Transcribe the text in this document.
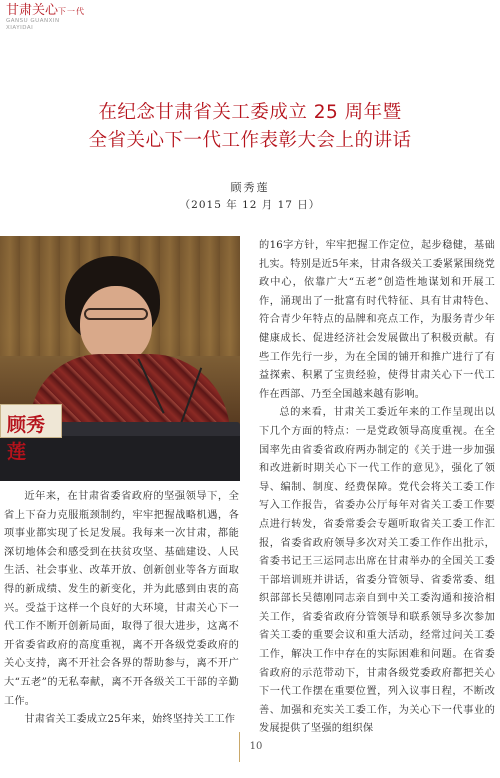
甘肃关心下一代
GANSU GUANXIN
XIAYIDAI
在纪念甘肃省关工委成立 25 周年暨
全省关心下一代工作表彰大会上的讲话
顾秀莲
（2015 年 12 月 17 日）
顾秀莲

近年来，在甘肃省委省政府的坚强领导下，全省上下奋力克服瓶颈制约，牢牢把握战略机遇，各项事业都实现了长足发展。我每来一次甘肃，都能深切地体会和感受到在扶贫攻坚、基础建设、人民生活、社会事业、改革开放、创新创业等各方面取得的新成绩、发生的新变化，并为此感到由衷的高兴。受益于这样一个良好的大环境，甘肃关心下一代工作不断开创新局面，取得了很大进步，这离不开省委省政府的高度重视，离不开各级党委政府的关心支持，离不开社会各界的帮助参与，离不开广大“五老”的无私奉献，离不开各级关工干部的辛勤工作。

甘肃省关工委成立25年来，始终坚持关工工作

的16字方针，牢牢把握工作定位，起步稳健，基础扎实。特别是近5年来，甘肃各级关工委紧紧围绕党政中心，依靠广大“五老”创造性地谋划和开展工作，涌现出了一批富有时代特征、具有甘肃特色、符合青少年特点的品牌和亮点工作，为服务青少年健康成长、促进经济社会发展做出了积极贡献。有些工作先行一步，为在全国的铺开和推广进行了有益探索、积累了宝贵经验，使得甘肃关心下一代工作在西部、乃至全国越来越有影响。

总的来看，甘肃关工委近年来的工作呈现出以下几个方面的特点：一是党政领导高度重视。在全国率先由省委省政府两办制定的《关于进一步加强和改进新时期关心下一代工作的意见》，强化了领导、编制、制度、经费保障。党代会将关工委工作写入工作报告，省委办公厅每年对省关工委工作要点进行转发，省委常委会专题听取省关工委工作汇报，省委省政府领导多次对关工委工作作出批示，省委书记王三运同志出席在甘肃举办的全国关工委干部培训班并讲话，省委分管领导、省委常委、组织部部长吴德刚同志亲自到中关工委沟通和接洽相关工作，省委省政府分管领导和联系领导多次参加省关工委的重要会议和重大活动，经常过问关工委工作，解决工作中存在的实际困难和问题。在省委省政府的示范带动下，甘肃各级党委政府都把关心下一代工作摆在重要位置，列入议事日程，不断改善、加强和充实关工委工作，为关心下一代事业的发展提供了坚强的组织保

10
